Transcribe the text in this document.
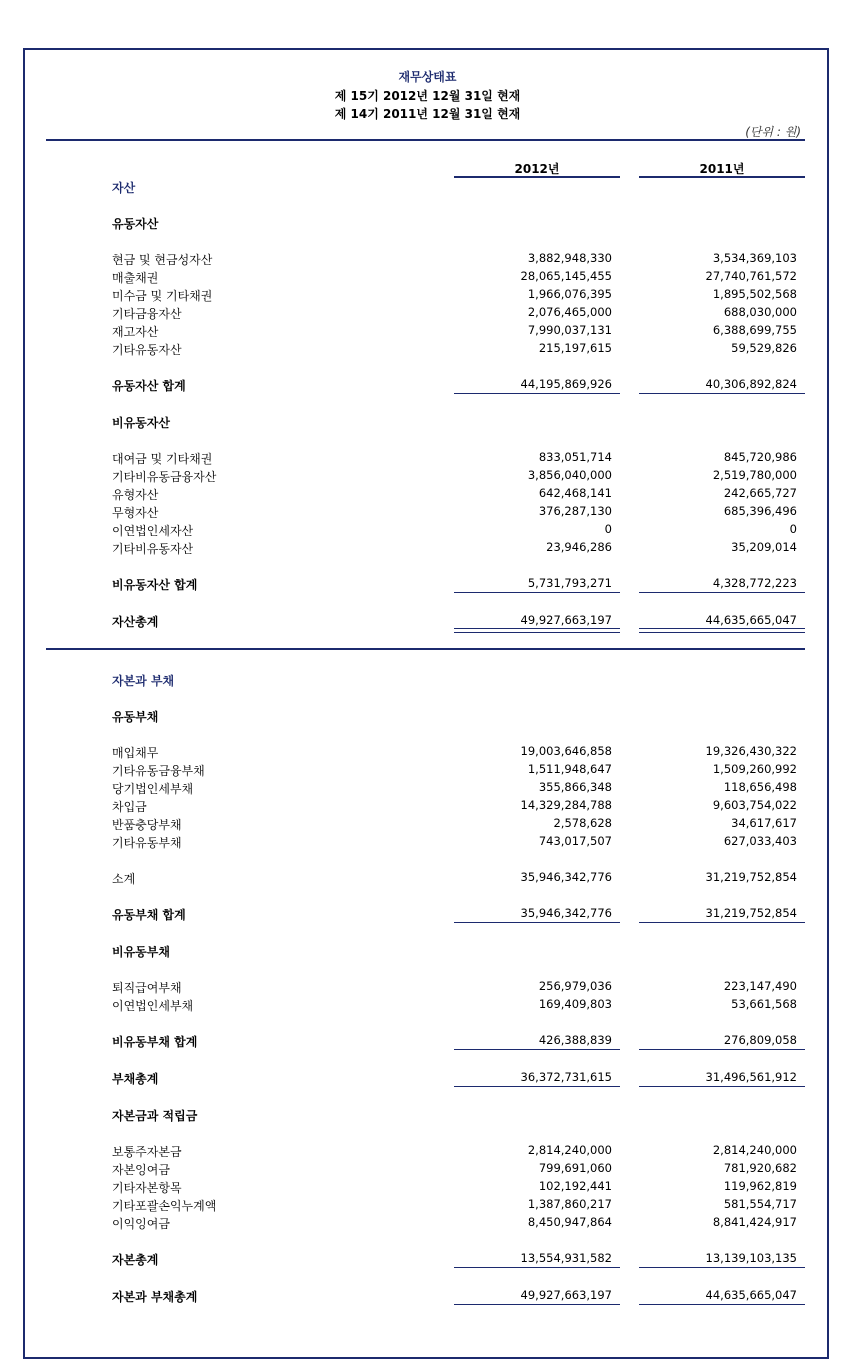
재무상태표
제 15기 2012년 12월 31일 현재
제 14기 2011년 12월 31일 현재
(단위 : 원)
2012년	2011년
자산
유동자산
현금 및 현금성자산	3,882,948,330	3,534,369,103
매출채권	28,065,145,455	27,740,761,572
미수금 및 기타채권	1,966,076,395	1,895,502,568
기타금융자산	2,076,465,000	688,030,000
재고자산	7,990,037,131	6,388,699,755
기타유동자산	215,197,615	59,529,826
유동자산 합계	44,195,869,926	40,306,892,824
비유동자산
대여금 및 기타채권	833,051,714	845,720,986
기타비유동금융자산	3,856,040,000	2,519,780,000
유형자산	642,468,141	242,665,727
무형자산	376,287,130	685,396,496
이연법인세자산	0	0
기타비유동자산	23,946,286	35,209,014
비유동자산 합계	5,731,793,271	4,328,772,223
자산총계	49,927,663,197	44,635,665,047
자본과 부채
유동부채
매입채무	19,003,646,858	19,326,430,322
기타유동금융부채	1,511,948,647	1,509,260,992
당기법인세부채	355,866,348	118,656,498
차입금	14,329,284,788	9,603,754,022
반품충당부채	2,578,628	34,617,617
기타유동부채	743,017,507	627,033,403
소계	35,946,342,776	31,219,752,854
유동부채 합계	35,946,342,776	31,219,752,854
비유동부채
퇴직급여부채	256,979,036	223,147,490
이연법인세부채	169,409,803	53,661,568
비유동부채 합계	426,388,839	276,809,058
부채총계	36,372,731,615	31,496,561,912
자본금과 적립금
보통주자본금	2,814,240,000	2,814,240,000
자본잉여금	799,691,060	781,920,682
기타자본항목	102,192,441	119,962,819
기타포괄손익누계액	1,387,860,217	581,554,717
이익잉여금	8,450,947,864	8,841,424,917
자본총계	13,554,931,582	13,139,103,135
자본과 부채총계	49,927,663,197	44,635,665,047
